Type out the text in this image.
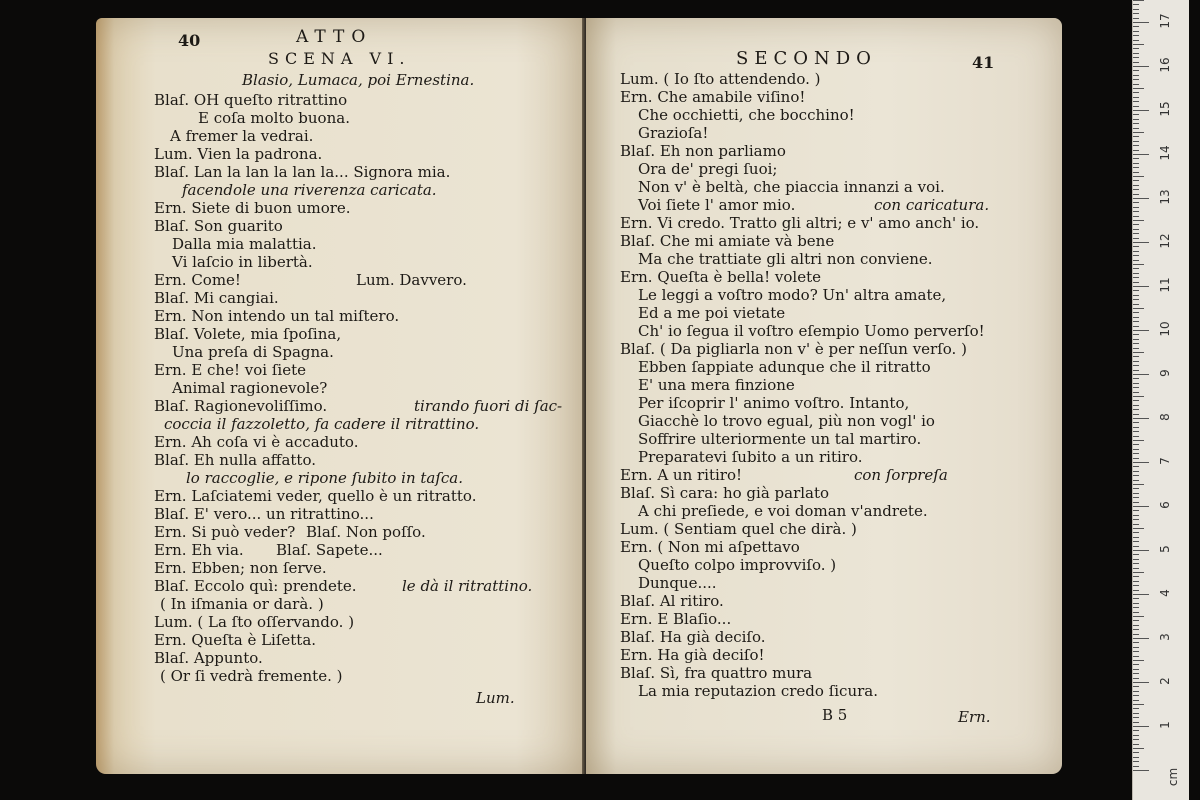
40	ATTO
SCENA VI.
Blasio, Lumaca, poi Ernestina.
Blaſ. OH queſto ritrattino
E coſa molto buona.
A fremer la vedrai.
Lum. Vien la padrona.
Blaſ. Lan la lan la lan la... Signora mia.
facendole una riverenza caricata.
Ern. Siete di buon umore.
Blaſ. Son guarito
Dalla mia malattia.
Vi laſcio in libertà.
Ern. Come!	Lum. Davvero.
Blaſ. Mi cangiai.
Ern. Non intendo un tal miſtero.
Blaſ. Volete, mia ſpoſina,
Una preſa di Spagna.
Ern. E che! voi ſiete
Animal ragionevole?
Blaſ. Ragionevoliſſimo.	tirando fuori di ſac-
coccia il fazzoletto, fa cadere il ritrattino.
Ern. Ah coſa vi è accaduto.
Blaſ. Eh nulla affatto.
lo raccoglie, e ripone ſubito in taſca.
Ern. Laſciatemi veder, quello è un ritratto.
Blaſ. E' vero... un ritrattino...
Ern. Si può veder? Blaſ. Non poſſo.
Ern. Eh via. Blaſ. Sapete...
Ern. Ebben; non ſerve.
Blaſ. Eccolo quì: prendete.	le dà il ritrattino.
( In iſmania or darà. )
Lum. ( La ſto oſſervando. )
Ern. Queſta è Liſetta.
Blaſ. Appunto.
( Or ſi vedrà fremente. )
Lum.
SECONDO	41
Lum. ( Io ſto attendendo. )
Ern. Che amabile viſino!
Che occhietti, che bocchino!
Grazioſa!
Blaſ. Eh non parliamo
Ora de' pregi ſuoi;
Non v' è beltà, che piaccia innanzi a voi.
Voi ſiete l' amor mio.	con caricatura.
Ern. Vi credo. Tratto gli altri; e v' amo anch' io.
Blaſ. Che mi amiate và bene
Ma che trattiate gli altri non conviene.
Ern. Queſta è bella! volete
Le leggi a voſtro modo? Un' altra amate,
Ed a me poi vietate
Ch' io ſegua il voſtro eſempio Uomo perverſo!
Blaſ. ( Da pigliarla non v' è per neſſun verſo. )
Ebben ſappiate adunque che il ritratto
E' una mera finzione
Per iſcoprir l' animo voſtro. Intanto,
Giacchè lo trovo egual, più non vogl' io
Soffrire ulteriormente un tal martiro.
Preparatevi ſubito a un ritiro.
Ern. A un ritiro!	con ſorpreſa
Blaſ. Sì cara: ho già parlato
A chi preſiede, e voi doman v'andrete.
Lum. ( Sentiam quel che dirà. )
Ern. ( Non mi aſpettavo
Queſto colpo improvviſo. )
Dunque....
Blaſ. Al ritiro.
Ern. E Blaſio...
Blaſ. Ha già deciſo.
Ern. Ha già deciſo!
Blaſ. Sì, fra quattro mura
La mia reputazion credo ſicura.
B 5	Ern.	1
2
3
4
5
6
7
8
9
10
11
12
13
14
15
16
17
cm
